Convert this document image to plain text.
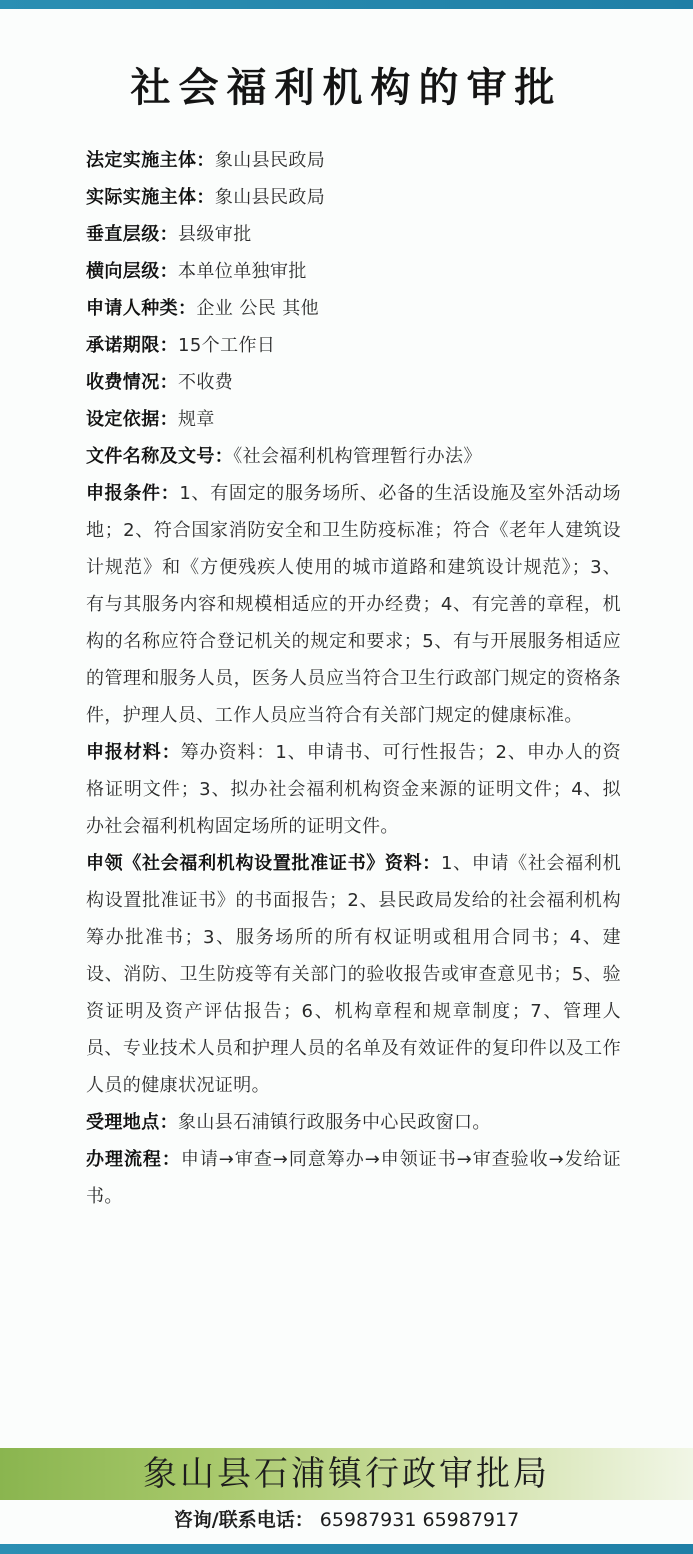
社会福利机构的审批
法定实施主体：象山县民政局
实际实施主体：象山县民政局
垂直层级：县级审批
横向层级：本单位单独审批
申请人种类：企业 公民 其他
承诺期限：15个工作日
收费情况：不收费
设定依据：规章
文件名称及文号：《社会福利机构管理暂行办法》
申报条件：1、有固定的服务场所、必备的生活设施及室外活动场地；2、符合国家消防安全和卫生防疫标准；符合《老年人建筑设计规范》和《方便残疾人使用的城市道路和建筑设计规范》；3、有与其服务内容和规模相适应的开办经费；4、有完善的章程，机构的名称应符合登记机关的规定和要求；5、有与开展服务相适应的管理和服务人员，医务人员应当符合卫生行政部门规定的资格条件，护理人员、工作人员应当符合有关部门规定的健康标准。
申报材料：筹办资料：1、申请书、可行性报告；2、申办人的资格证明文件；3、拟办社会福利机构资金来源的证明文件；4、拟办社会福利机构固定场所的证明文件。
申领《社会福利机构设置批准证书》资料：1、申请《社会福利机构设置批准证书》的书面报告；2、县民政局发给的社会福利机构筹办批准书；3、服务场所的所有权证明或租用合同书；4、建设、消防、卫生防疫等有关部门的验收报告或审查意见书；5、验资证明及资产评估报告；6、机构章程和规章制度；7、管理人员、专业技术人员和护理人员的名单及有效证件的复印件以及工作人员的健康状况证明。
受理地点：象山县石浦镇行政服务中心民政窗口。
办理流程：申请→审查→同意筹办→申领证书→审查验收→发给证书。
象山县石浦镇行政审批局
咨询/联系电话： 65987931 65987917
